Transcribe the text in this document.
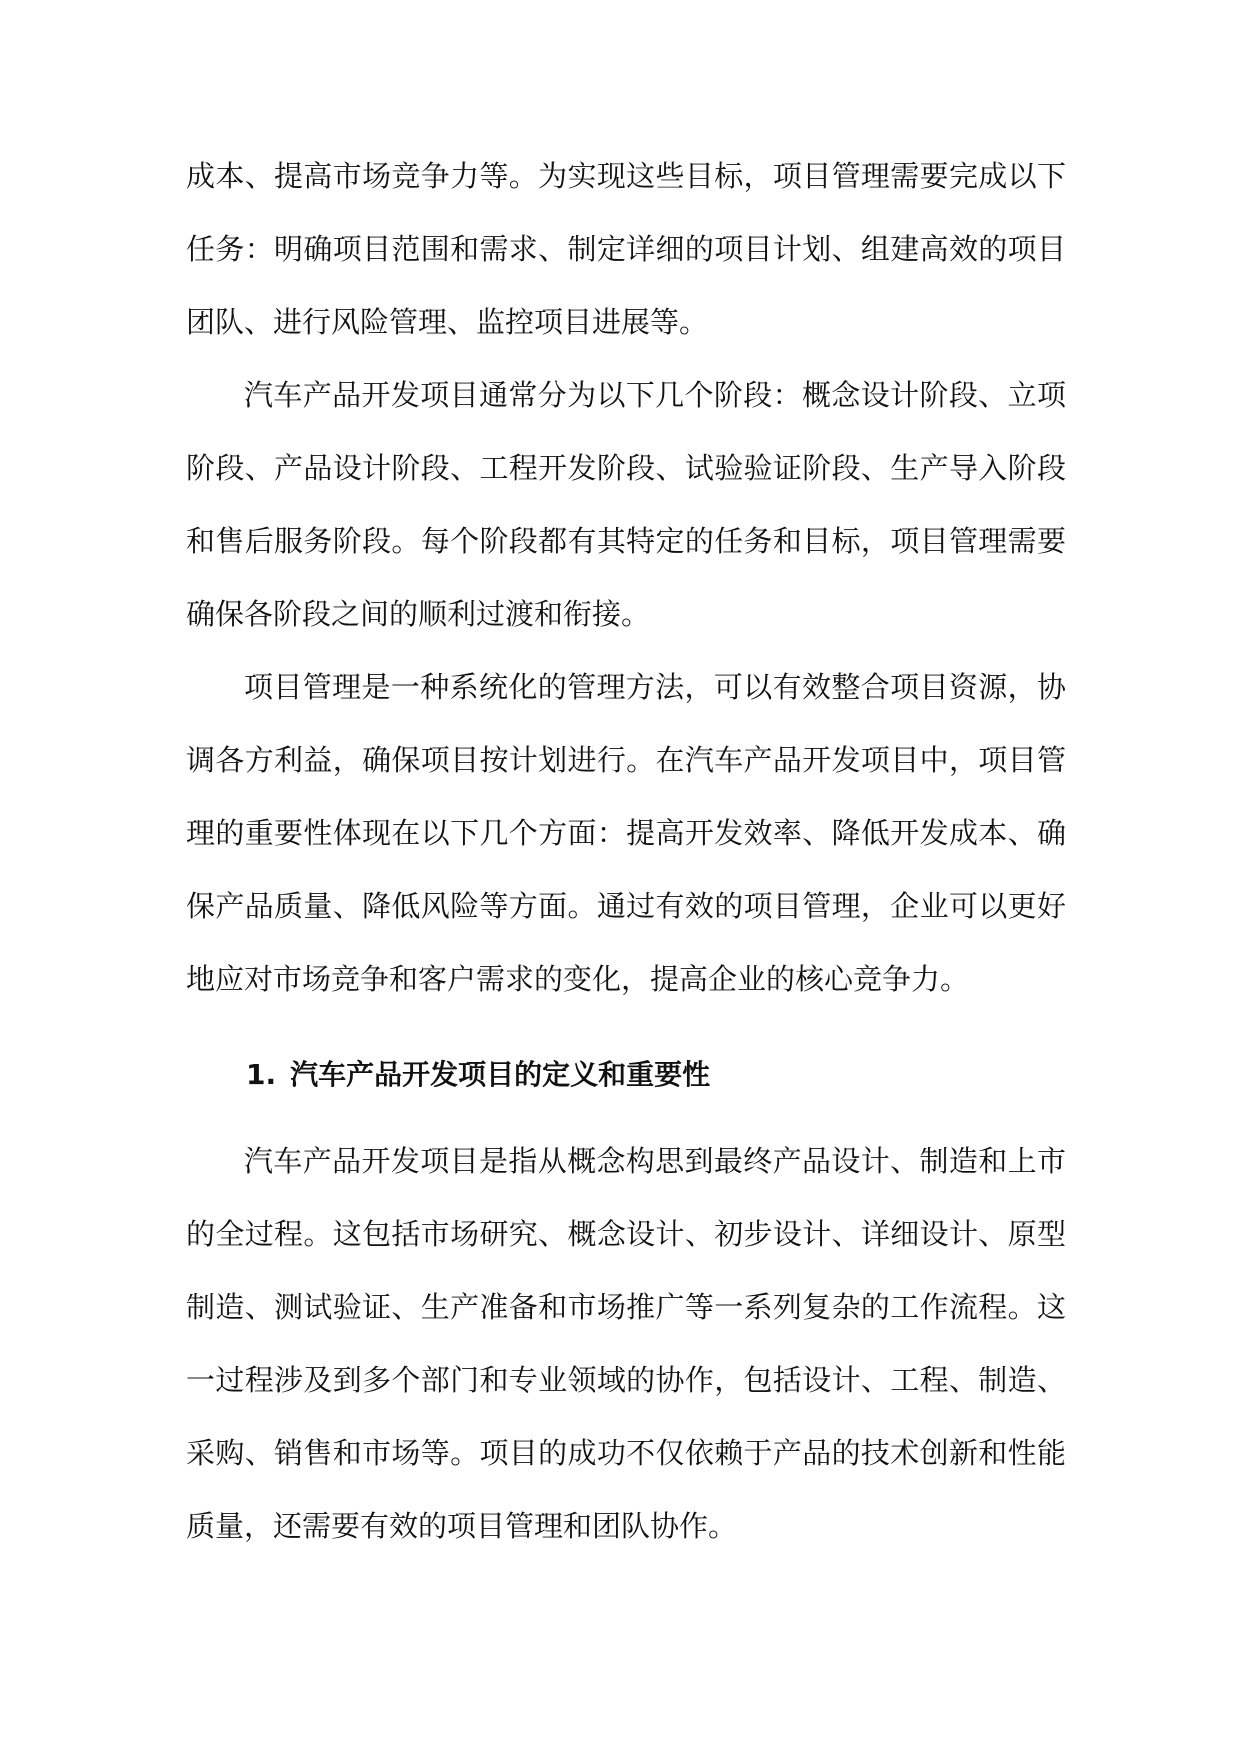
成本、提高市场竞争力等。为实现这些目标，项目管理需要完成以下任务：明确项目范围和需求、制定详细的项目计划、组建高效的项目团队、进行风险管理、监控项目进展等。

汽车产品开发项目通常分为以下几个阶段：概念设计阶段、立项阶段、产品设计阶段、工程开发阶段、试验验证阶段、生产导入阶段和售后服务阶段。每个阶段都有其特定的任务和目标，项目管理需要确保各阶段之间的顺利过渡和衔接。

项目管理是一种系统化的管理方法，可以有效整合项目资源，协调各方利益，确保项目按计划进行。在汽车产品开发项目中，项目管理的重要性体现在以下几个方面：提高开发效率、降低开发成本、确保产品质量、降低风险等方面。通过有效的项目管理，企业可以更好地应对市场竞争和客户需求的变化，提高企业的核心竞争力。

1. 汽车产品开发项目的定义和重要性

汽车产品开发项目是指从概念构思到最终产品设计、制造和上市的全过程。这包括市场研究、概念设计、初步设计、详细设计、原型制造、测试验证、生产准备和市场推广等一系列复杂的工作流程。这一过程涉及到多个部门和专业领域的协作，包括设计、工程、制造、采购、销售和市场等。项目的成功不仅依赖于产品的技术创新和性能质量，还需要有效的项目管理和团队协作。
